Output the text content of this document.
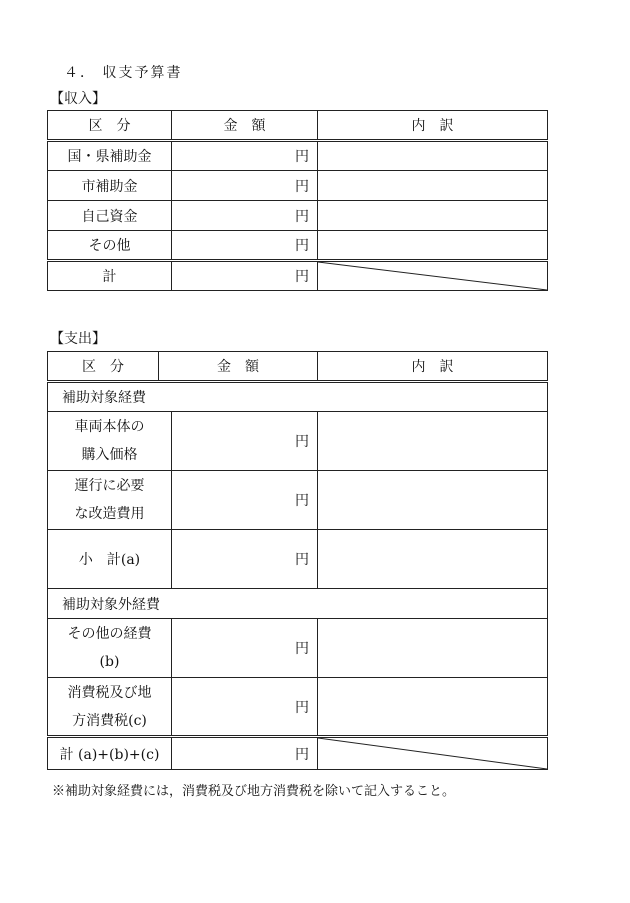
４． 収支予算書
【収入】
区　分	金　額	内　訳
国・県補助金	円	
市補助金	円	
自己資金	円	
その他	円	
計	円	
【支出】
区　分	金　額		内　訳
補助対象経費			

車両本体の
購入価格		円	

運行に必要
な改造費用		円	
小　計(a)		円	
補助対象外経費			

その他の経費
(b)		円	

消費税及び地
方消費税(c)		円	
計 (a)+(b)+(c)		円	
※補助対象経費には，消費税及び地方消費税を除いて記入すること。
